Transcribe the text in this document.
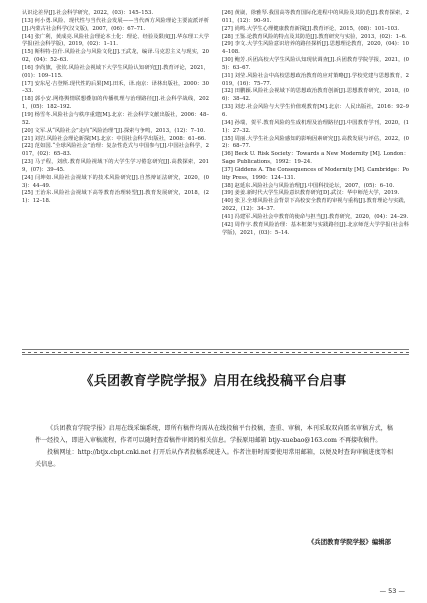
认识论差异[J].社会科学研究，2022，(03)：145–153.

[13] 何小勇.风险、现代性与当代社会发展——当代西方风险理论主要流派评析[J].内蒙古社会科学(汉文版)，2007，(06)：67–71.

[14] 张广利，黄成亮.风险社会理论本土化：理论、经验及限度[J].华东理工大学学报(社会科学版)，2019，(02)：1–11.

[15] 斯科特·拉什.风险社会与风险文化[J].王武龙，编译.马克思主义与现实，2002，(04)：52–63.

[16] 李尚旗，张钦.风险社会视域下大学生风险认知研究[J].教育评论，2021，(01)：109–115.

[17] 安东尼·吉登斯.现代性的后果[M].田禾，译.南京：译林出版社，2000：30–33.

[18] 郭小安.网络舆情联想叠加的传播机理与治理路径[J].社会科学战线，2021，(05)：182–192.

[19] 杨雪冬.风险社会与秩序重建[M].北京：社会科学文献出版社，2006：48–52.

[20] 文军.从“风险社会”走向“风险治理”[J].探索与争鸣，2013，(12)：7–10.

[21] 刘岩.风险社会理论新探[M].北京：中国社会科学出版社，2008：61–66.

[22] 范如国.“全球风险社会”治理：复杂性范式与中国参与[J].中国社会科学，2017，(02)：65–83.

[23] 马子程，刘欣.教育风险视域下的大学生学习倦怠研究[J].高教探索，2019，(07)：39–45.

[24] 闫坤如.风险社会视域下的技术风险研究[J].自然辩证法研究，2020，(03)：44–49.

[25] 王治东.风险社会视域下高等教育治理转型[J].教育发展研究，2018，(21)：12–18.

[26] 黄崴，徐雅琴.我国高等教育国际化进程中的风险及其防范[J].教育探索，2011，(12)：90–91.

[27] 尚鸣.大学生心理健康教育新探[J].教育评论，2015，(08)：101–103.

[28] 王鉴.论教育风险的特点及其防范[J].教育研究与实验，2013，(02)：1–6.

[29] 李文.大学生风险意识培养的路径探析[J].思想理论教育，2020，(04)：104–108.

[30] 鲍芳.兵团高校大学生风险认知现状调查[J].兵团教育学院学报，2021，(05)：63–67.

[31] 刘莹.风险社会中高校思想政治教育的应对策略[J].学校党建与思想教育，2019，(16)：75–77.

[32] 田鹏颖.风险社会视域下的思想政治教育创新[J].思想教育研究，2018，(06)：38–42.

[33] 刘忠.社会风险与大学生价值观教育[M].北京：人民出版社，2016：92–96.

[34] 孙瑞，贺平.教育风险的生成机理及治理路径[J].中国教育学刊，2020，(11)：27–32.

[35] 周丽.大学生社会风险感知的影响因素研究[J].高教发展与评估，2022，(02)：68–77.

[36] Beck U. Risk Society：Towards a New Modernity [M]. London：Sage Publications，1992：19–24.

[37] Giddens A. The Consequences of Modernity [M]. Cambridge：Polity Press，1990：124–131.

[38] 赵延东.风险社会与风险治理[J].中国科技论坛，2007，(05)：6–10.

[39] 姜姜.新时代大学生风险意识教育研究[D].武汉：华中师范大学，2019.

[40] 张卫.全球风险社会背景下高校安全教育的审视与重构[J].教育理论与实践，2022，(12)：34–37.

[41] 冯建军.风险社会中教育的使命与担当[J].教育研究，2020，(04)：24–29.

[42] 周作宇.教育风险治理：基本框架与实践路径[J].北京师范大学学报(社会科学版)，2021，(03)：5–14.

《兵团教育学院学报》启用在线投稿平台启事

《兵团教育学院学报》启用在线采编系统，即所有稿件均需从在线投稿平台投稿，查重、审稿，本刊采取双向匿名审稿方式，稿件一经投入，即进入审稿流程，作者可以随时查看稿件审阅的相关信息。学报原用邮箱 btjy-xuebao@163.com 不再接收稿件。

投稿网址：http://btjx.cbpt.cnki.net 打开后从作者投稿系统进入。作者注册时需要使用常用邮箱，以便及时查询审稿进度等相关信息。

《兵团教育学院学报》编辑部
— 53 —
